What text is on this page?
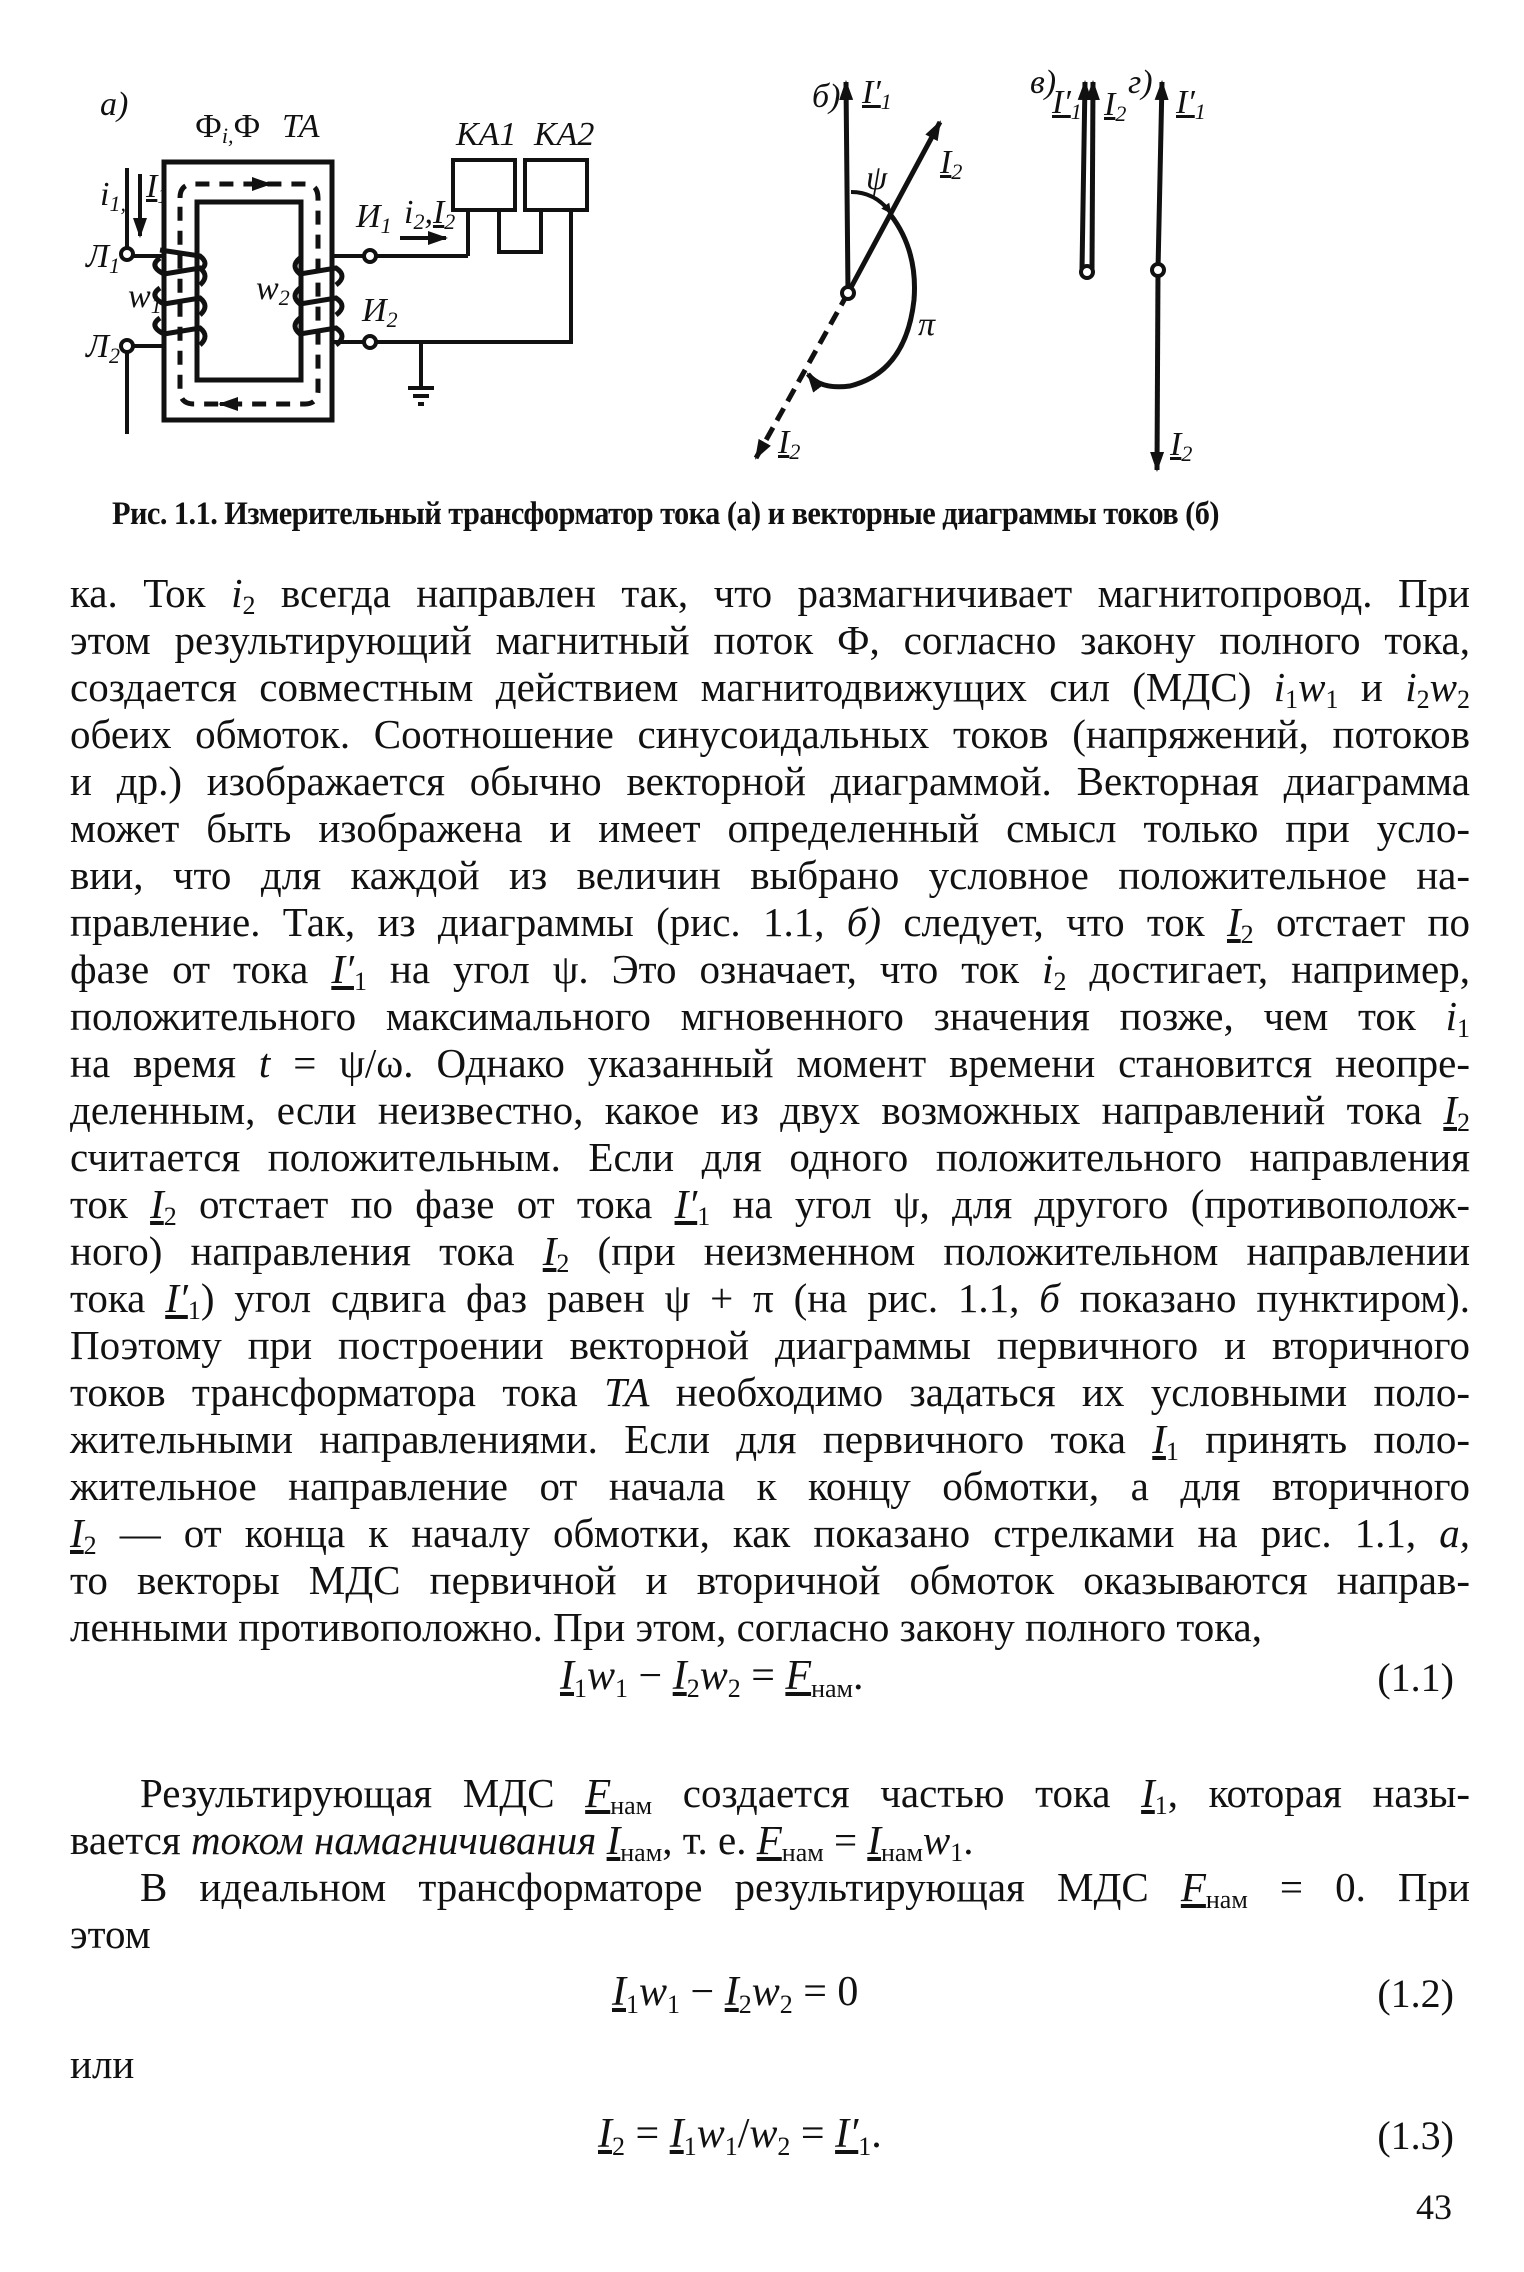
а)
$Ф_{i,}Ф$ ТА	КА1 КА2
$i_{1,}$ $I_1$
$Л_1$
$Л_2$
$w_1$	$w_2$
$И_1$
$И_2$
$i_2,I_2$
б) $I'_1$
$I_2$
$I_2$
ψ
π
в)
$I'_1$ $I_2$
г)
$I'_1$
$I_2$
Рис. 1.1. Измерительный трансформатор тока (а) и векторные диаграммы токов (б)
ка. Ток $i_2$ всегда направлен так, что размагничивает магнитопровод. При
этом результирующий магнитный поток Ф, согласно закону полного тока,
создается совместным действием магнитодвижущих сил (МДС) $i_1w_1$ и $i_2w_2$
обеих обмоток. Соотношение синусоидальных токов (напряжений, потоков
и др.) изображается обычно векторной диаграммой. Векторная диаграмма
может быть изображена и имеет определенный смысл только при усло-
вии, что для каждой из величин выбрано условное положительное на-
правление. Так, из диаграммы (рис. 1.1, б) следует, что ток $I_2$ отстает по
фазе от тока $I'_1$ на угол ψ. Это означает, что ток $i_2$ достигает, например,
положительного максимального мгновенного значения позже, чем ток $i_1$
на время t = ψ/ω. Однако указанный момент времени становится неопре-
деленным, если неизвестно, какое из двух возможных направлений тока $I_2$
считается положительным. Если для одного положительного направления
ток $I_2$ отстает по фазе от тока $I'_1$ на угол ψ, для другого (противополож-
ного) направления тока $I_2$ (при неизменном положительном направлении
тока $I'_1$) угол сдвига фаз равен ψ + π (на рис. 1.1, б показано пунктиром).
Поэтому при построении векторной диаграммы первичного и вторичного
токов трансформатора тока ТА необходимо задаться их условными поло-
жительными направлениями. Если для первичного тока $I_1$ принять поло-
жительное направление от начала к концу обмотки, а для вторичного
$I_2$ — от конца к началу обмотки, как показано стрелками на рис. 1.1, а,
то векторы МДС первичной и вторичной обмоток оказываются направ-
ленными противоположно. При этом, согласно закону полного тока,
$I_1w_1 - I_2w_2 = F_{нам}$.	(1.1)
Результирующая МДС $F_{нам}$ создается частью тока $I_1$, которая назы-
вается током намагничивания $I_{нам}$, т. е. $F_{нам} = I_{нам}w_1$.
В идеальном трансформаторе результирующая МДС $F_{нам} = 0$. При
этом
$I_1w_1 - I_2w_2 = 0$	(1.2)
или
$I_2 = I_1w_1/w_2 = I'_1$.	(1.3)
43
